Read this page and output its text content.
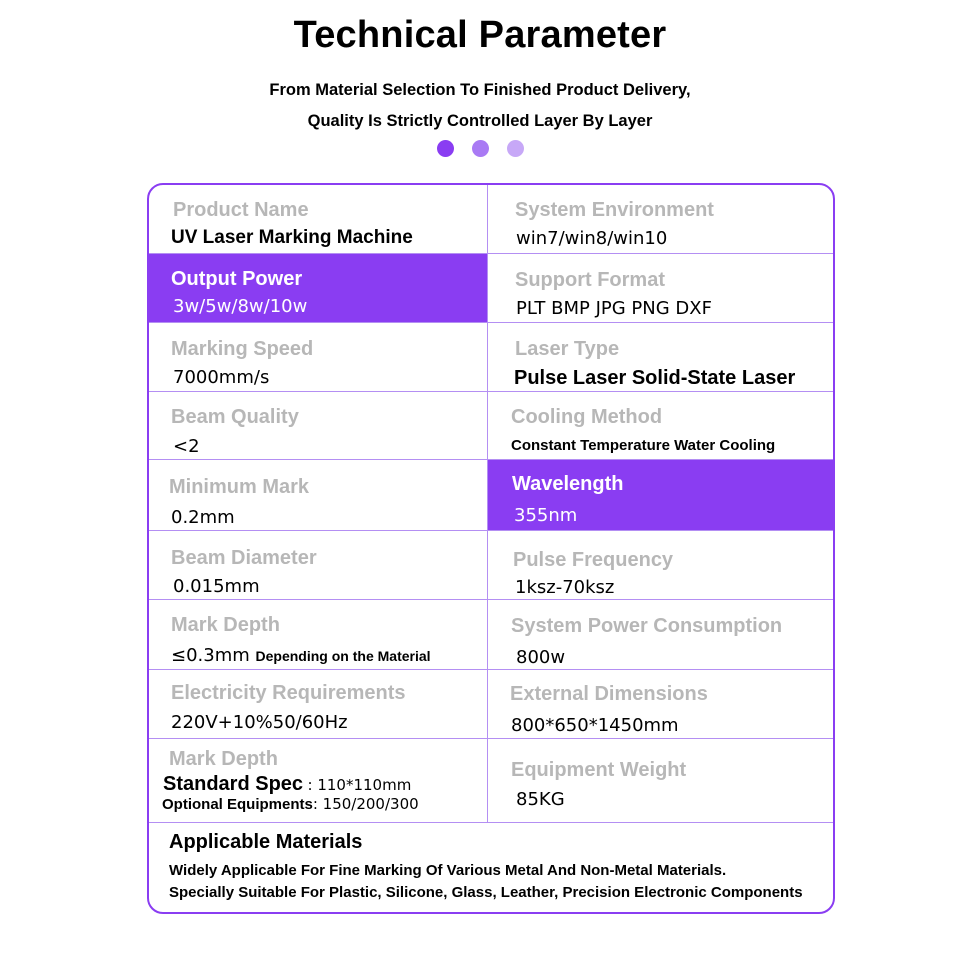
Technical Parameter
From Material Selection To Finished Product Delivery,
Quality Is Strictly Controlled Layer By Layer
Output Power
3w/5w/8w/10w
Wavelength
355nm
Product Name
UV Laser Marking Machine
System Environment
win7/win8/win10
Support Format
PLT BMP JPG PNG DXF
Marking Speed
7000mm/s
Laser Type
Pulse Laser Solid-State Laser
Beam Quality
<2
Cooling Method
Constant Temperature Water Cooling
Minimum Mark
0.2mm
Beam Diameter
0.015mm
Pulse Frequency
1ksz-70ksz
Mark Depth
≤0.3mm Depending on the Material
System Power Consumption
800w
Electricity Requirements
220V+10%50/60Hz
External Dimensions
800*650*1450mm
Mark Depth
Standard Spec : 110*110mm
Optional Equipments: 150/200/300
Equipment Weight
85KG
Applicable Materials
Widely Applicable For Fine Marking Of Various Metal And Non-Metal Materials.
Specially Suitable For Plastic, Silicone, Glass, Leather, Precision Electronic Components
